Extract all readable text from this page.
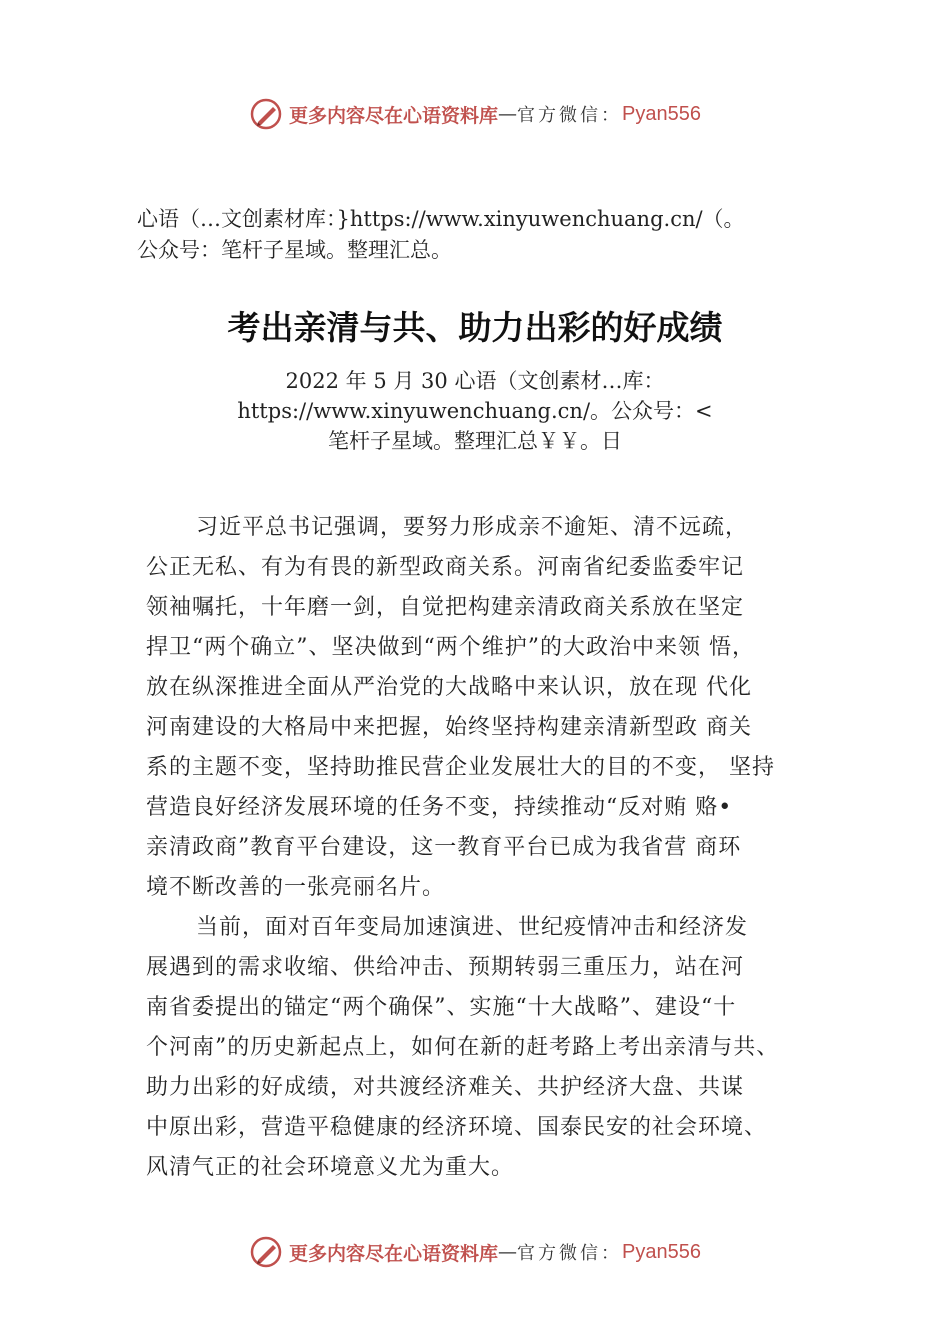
更多内容尽在心语资料库 — 官方微信： Pyan556
心语（…文创素材库：}https://www.xinyuwenchuang.cn/（。
公众号：笔杆子星域。整理汇总。
考出亲清与共、助力出彩的好成绩
2022 年 5 月 30 心语（文创素材…库：
https://www.xinyuwenchuang.cn/。公众号：<
笔杆子星域。整理汇总￥￥。日
习近平总书记强调，要努力形成亲不逾矩、清不远疏，
公正无私、有为有畏的新型政商关系。河南省纪委监委牢记
领袖嘱托，十年磨一剑，自觉把构建亲清政商关系放在坚定
捍卫“两个确立”、坚决做到“两个维护”的大政治中来领 悟，
放在纵深推进全面从严治党的大战略中来认识，放在现 代化
河南建设的大格局中来把握，始终坚持构建亲清新型政 商关
系的主题不变，坚持助推民营企业发展壮大的目的不变， 坚持
营造良好经济发展环境的任务不变，持续推动“反对贿 赂•
亲清政商”教育平台建设，这一教育平台已成为我省营 商环
境不断改善的一张亮丽名片。
当前，面对百年变局加速演进、世纪疫情冲击和经济发
展遇到的需求收缩、供给冲击、预期转弱三重压力，站在河
南省委提出的锚定“两个确保”、实施“十大战略”、建设“十
个河南”的历史新起点上，如何在新的赶考路上考出亲清与共、
助力出彩的好成绩，对共渡经济难关、共护经济大盘、共谋
中原出彩，营造平稳健康的经济环境、国泰民安的社会环境、
风清气正的社会环境意义尤为重大。
更多内容尽在心语资料库 — 官方微信： Pyan556
